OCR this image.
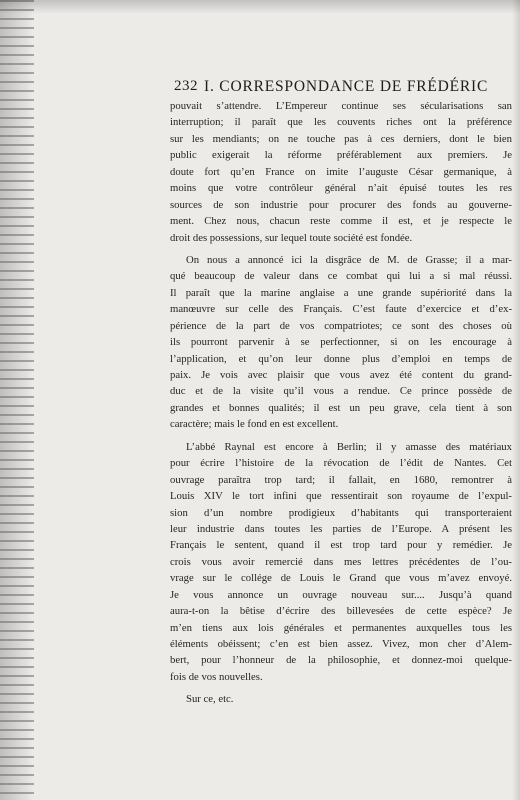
232 I. CORRESPONDANCE DE FRÉDÉRIC
pouvait s’attendre. L’Empereur continue ses sécularisations san
interruption; il paraît que les couvents riches ont la préférence
sur les mendiants; on ne touche pas à ces derniers, dont le bien
public exigerait la réforme préférablement aux premiers. Je
doute fort qu’en France on imite l’auguste César germanique, à
moins que votre contrôleur général n’ait épuisé toutes les res
sources de son industrie pour procurer des fonds au gouverne-
ment. Chez nous, chacun reste comme il est, et je respecte le
droit des possessions, sur lequel toute société est fondée.
On nous a annoncé ici la disgrâce de M. de Grasse; il a mar-
qué beaucoup de valeur dans ce combat qui lui a si mal réussi.
Il paraît que la marine anglaise a une grande supériorité dans la
manœuvre sur celle des Français. C’est faute d’exercice et d’ex-
périence de la part de vos compatriotes; ce sont des choses où
ils pourront parvenir à se perfectionner, si on les encourage à
l’application, et qu’on leur donne plus d’emploi en temps de
paix. Je vois avec plaisir que vous avez été content du grand-
duc et de la visite qu’il vous a rendue. Ce prince possède de
grandes et bonnes qualités; il est un peu grave, cela tient à son
caractère; mais le fond en est excellent.
L’abbé Raynal est encore à Berlin; il y amasse des matériaux
pour écrire l’histoire de la révocation de l’édit de Nantes. Cet
ouvrage paraîtra trop tard; il fallait, en 1680, remontrer à
Louis XIV le tort infini que ressentirait son royaume de l’expul-
sion d’un nombre prodigieux d’habitants qui transporteraient
leur industrie dans toutes les parties de l’Europe. A présent les
Français le sentent, quand il est trop tard pour y remédier. Je
crois vous avoir remercié dans mes lettres précédentes de l’ou-
vrage sur le collége de Louis le Grand que vous m’avez envoyé.
Je vous annonce un ouvrage nouveau sur.... Jusqu’à quand
aura-t-on la bêtise d’écrire des billevesées de cette espèce? Je
m’en tiens aux lois générales et permanentes auxquelles tous les
éléments obéissent; c’en est bien assez. Vivez, mon cher d’Alem-
bert, pour l’honneur de la philosophie, et donnez-moi quelque-
fois de vos nouvelles.
Sur ce, etc.
